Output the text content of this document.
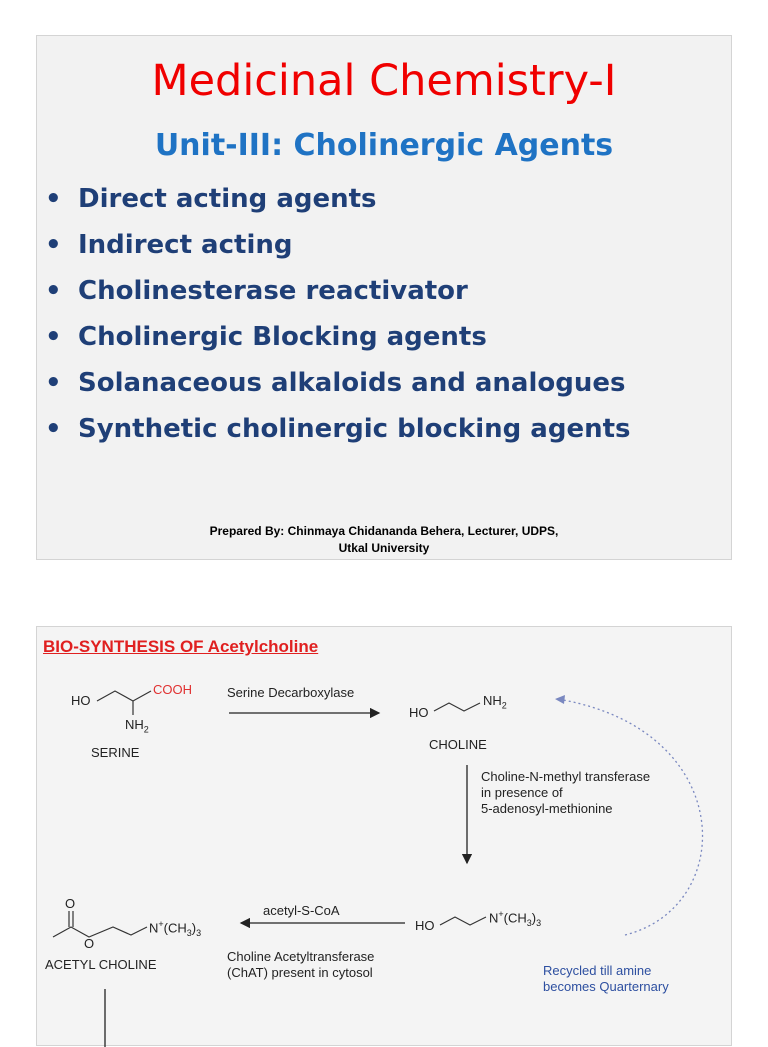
Medicinal Chemistry-I
Unit-III: Cholinergic Agents
• Direct acting agents
• Indirect acting
• Cholinesterase reactivator
• Cholinergic Blocking agents
• Solanaceous alkaloids and analogues
• Synthetic cholinergic blocking agents
Prepared By: Chinmaya Chidananda Behera, Lecturer, UDPS,
Utkal University
BIO-SYNTHESIS OF Acetylcholine
HO
COOH
$NH_2$
SERINE
Serine Decarboxylase
HO
$NH_2$
CHOLINE
Choline-N-methyl transferase
in presence of
5-adenosyl-methionine
HO
$N^+(CH_3)_3$
acetyl-S-CoA
Choline Acetyltransferase
(ChAT) present in cytosol
O
O
$N^+(CH_3)_3$
ACETYL CHOLINE	Recycled till amine
becomes Quarternary
